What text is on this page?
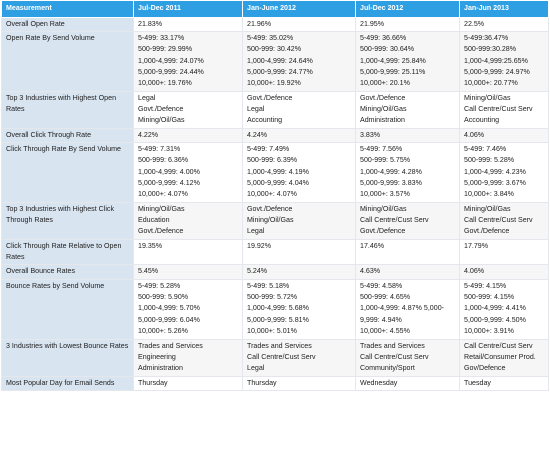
Measurement	Jul-Dec 2011	Jan-June 2012	Jul-Dec 2012	Jan-Jun 2013
Overall Open Rate	21.83%	21.96%	21.95%	22.5%

Open Rate By Send Volume	5-499: 33.17%
500-999: 29.99%
1,000-4,999: 24.07%
5,000-9,999: 24.44%
10,000+: 19.76%	5-499: 35.02%
500-999: 30.42%
1,000-4,999: 24.64%
5,000-9,999: 24.77%
10,000+: 19.92%	5-499: 36.66%
500-999: 30.64%
1,000-4,999: 25.84%
5,000-9,999: 25.11%
10,000+: 20.1%	5-499:36.47%
500-999:30.28%
1,000-4,999:25.65%
5,000-9,999: 24.97%
10,000+: 20.77%

Top 3 Industries with Highest Open Rates	Legal
Govt./Defence
Mining/Oil/Gas	Govt./Defence
Legal
Accounting	Govt./Defence
Mining/Oil/Gas
Administration	Mining/Oil/Gas
Call Centre/Cust Serv
Accounting

Overall Click Through Rate	4.22%	4.24%	3.83%	4.06%

Click Through Rate By Send Volume	5-499: 7.31%
500-999: 6.36%
1,000-4,999: 4.00%
5,000-9,999: 4.12%
10,000+: 4.07%	5-499: 7.49%
500-999: 6.39%
1,000-4,999: 4.19%
5,000-9,999: 4.04%
10,000+: 4.07%	5-499: 7.56%
500-999: 5.75%
1,000-4,999: 4.28%
5,000-9,999: 3.83%
10,000+: 3.57%	5-499: 7.46%
500-999: 5.28%
1,000-4,999: 4.23%
5,000-9,999: 3.67%
10,000+: 3.84%

Top 3 Industries with Highest Click Through Rates	Mining/Oil/Gas
Education
Govt./Defence	Govt./Defence
Mining/Oil/Gas
Legal	Mining/Oil/Gas
Call Centre/Cust Serv
Govt./Defence	Mining/Oil/Gas
Call Centre/Cust Serv
Govt./Defence

Click Through Rate Relative to Open Rates	19.35%	19.92%	17.46%	17.79%

Overall Bounce Rates	5.45%	5.24%	4.63%	4.06%

Bounce Rates by Send Volume	5-499: 5.28%
500-999: 5.90%
1,000-4,999: 5.70%
5,000-9,999: 6.04%
10,000+: 5.26%	5-499: 5.18%
500-999: 5.72%
1,000-4,999: 5.68%
5,000-9,999: 5.81%
10,000+: 5.01%	5-499: 4.58%
500-999: 4.65%
1,000-4,999: 4.87% 5,000-9,999: 4.94%
10,000+: 4.55%	5-499: 4.15%
500-999: 4.15%
1,000-4,999: 4.41% 5,000-9,999: 4.50%
10,000+: 3.91%

3 Industries with Lowest Bounce Rates	Trades and Services
Engineering
Administration	Trades and Services
Call Centre/Cust Serv
Legal	Trades and Services
Call Centre/Cust Serv
Community/Sport	Call Centre/Cust Serv
Retail/Consumer Prod.
Gov/Defence

Most Popular Day for Email Sends	Thursday	Thursday	Wednesday	Tuesday
